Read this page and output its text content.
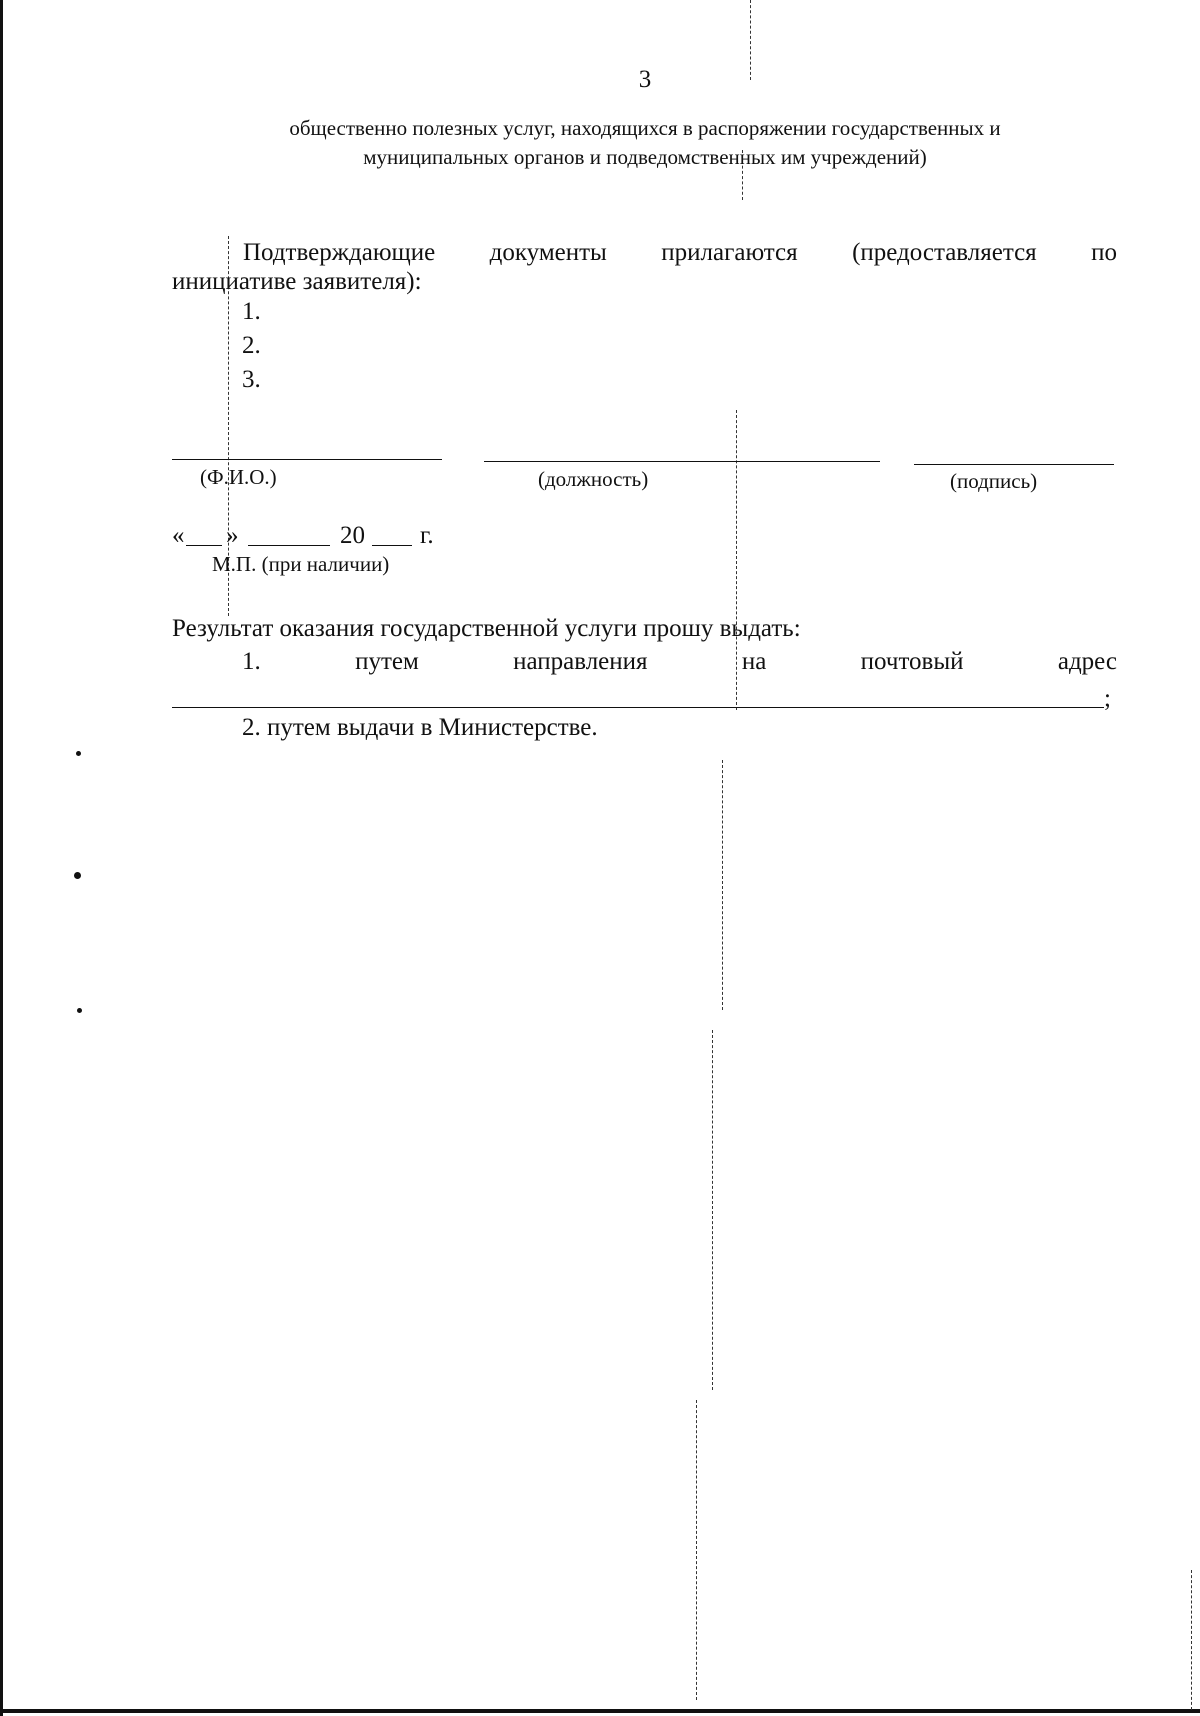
3
общественно полезных услуг, находящихся в распоряжении государственных и
муниципальных органов и подведомственных им учреждений)
Подтверждающие документы прилагаются (предоставляется по
инициативе заявителя):
1.
2.
3.
(Ф.И.О.)	(должность)	(подпись)
« »	20 г.
М.П. (при наличии)
Результат оказания государственной услуги прошу выдать:
1.	путем	направления	на	почтовый	адрес
;
2. путем выдачи в Министерстве.
